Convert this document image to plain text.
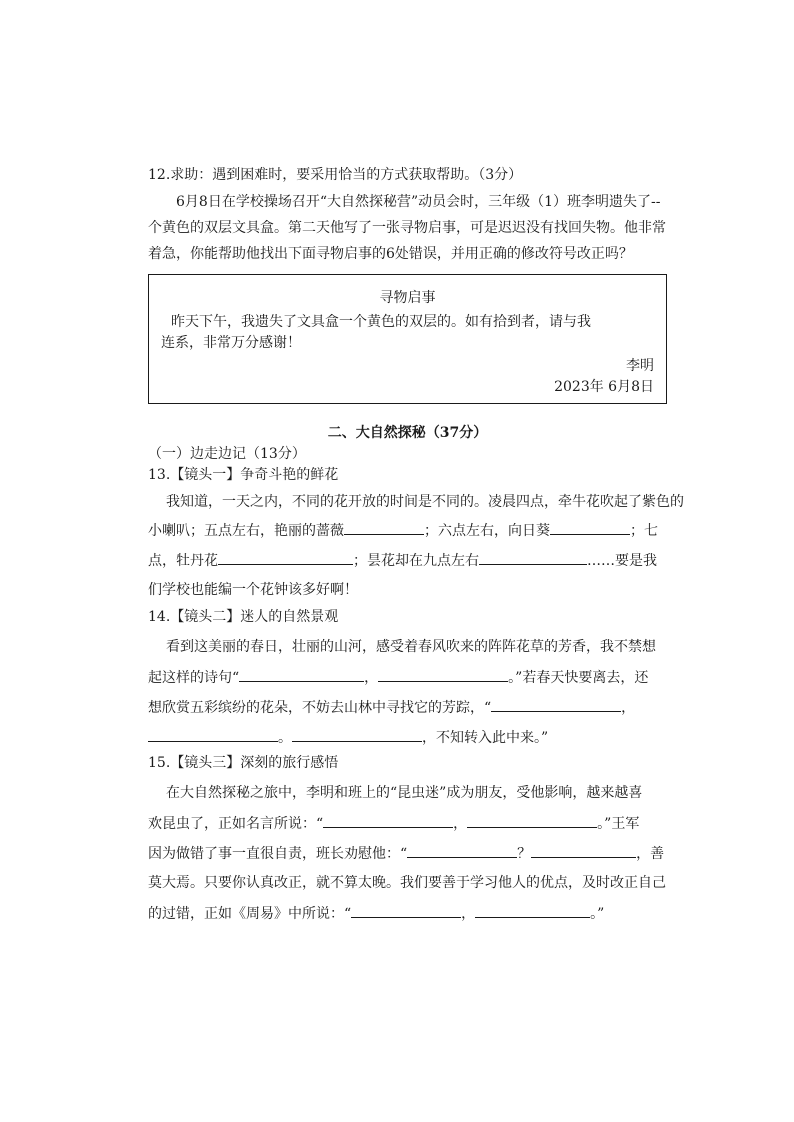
12.求助：遇到困难时，要采用恰当的方式获取帮助。（3分）
6月8日在学校操场召开“大自然探秘营”动员会时，三年级（1）班李明遗失了--
个黄色的双层文具盒。第二天他写了一张寻物启事，可是迟迟没有找回失物。他非常
着急，你能帮助他找出下面寻物启事的6处错误，并用正确的修改符号改正吗？
寻物启事
昨天下午，我遗失了文具盒一个黄色的双层的。如有拾到者，请与我
连系，非常万分感谢！
李明
2023年 6月8日
二、大自然探秘（37分）
（一）边走边记（13分）
13.【镜头一】争奇斗艳的鲜花
我知道，一天之内，不同的花开放的时间是不同的。凌晨四点，牵牛花吹起了紫色的
小喇叭；五点左右，艳丽的蔷薇	；六点左右，向日葵	；七
点，牡丹花	；昙花却在九点左右	……要是我
们学校也能编一个花钟该多好啊！
14.【镜头二】迷人的自然景观
看到这美丽的春日，壮丽的山河，感受着春风吹来的阵阵花草的芳香，我不禁想
起这样的诗句“	，	。”若春天快要离去，还
想欣赏五彩缤纷的花朵，不妨去山林中寻找它的芳踪，“	，
。	，不知转入此中来。”
15.【镜头三】深刻的旅行感悟
在大自然探秘之旅中，李明和班上的“昆虫迷”成为朋友，受他影响，越来越喜
欢昆虫了，正如名言所说：“	，	。”王军
因为做错了事一直很自责，班长劝慰他：“	？	，善
莫大焉。只要你认真改正，就不算太晚。我们要善于学习他人的优点，及时改正自己
的过错，正如《周易》中所说：“	，	。”
